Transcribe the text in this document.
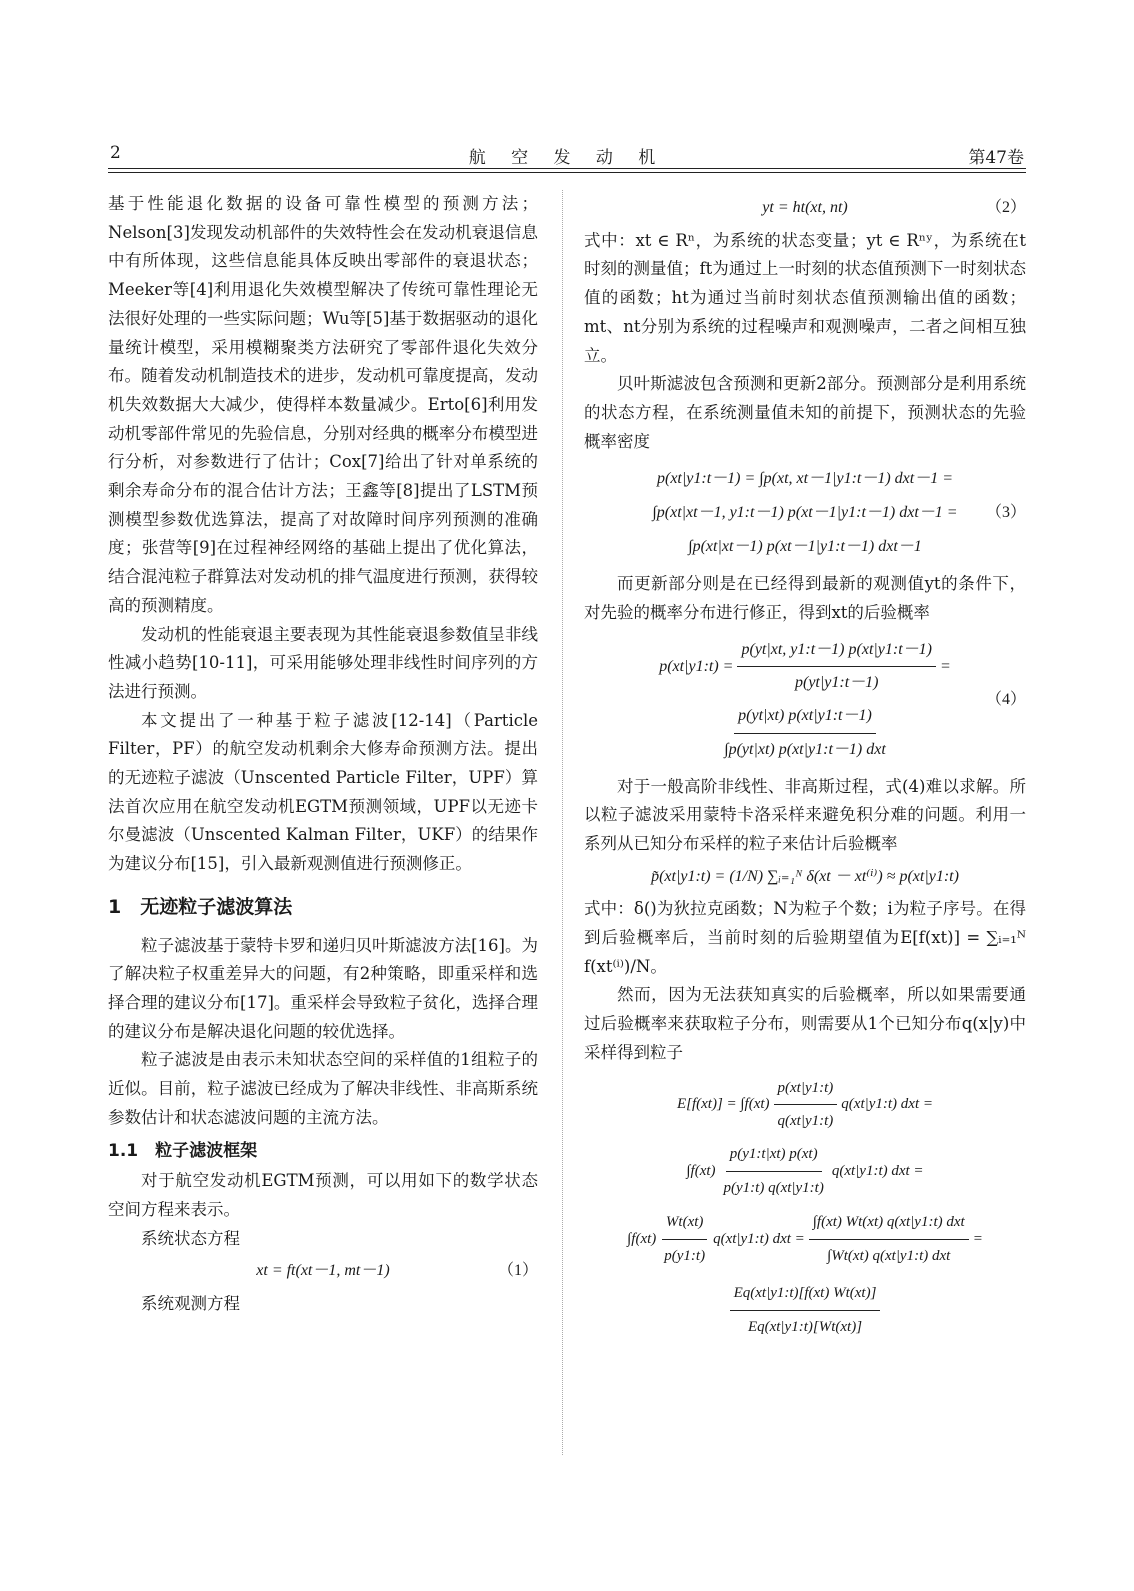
2	航 空 发 动 机	第47卷

基于性能退化数据的设备可靠性模型的预测方法；Nelson[3]发现发动机部件的失效特性会在发动机衰退信息中有所体现，这些信息能具体反映出零部件的衰退状态；Meeker等[4]利用退化失效模型解决了传统可靠性理论无法很好处理的一些实际问题；Wu等[5]基于数据驱动的退化量统计模型，采用模糊聚类方法研究了零部件退化失效分布。随着发动机制造技术的进步，发动机可靠度提高，发动机失效数据大大减少，使得样本数量减少。Erto[6]利用发动机零部件常见的先验信息，分别对经典的概率分布模型进行分析，对参数进行了估计；Cox[7]给出了针对单系统的剩余寿命分布的混合估计方法；王鑫等[8]提出了LSTM预测模型参数优选算法，提高了对故障时间序列预测的准确度；张营等[9]在过程神经网络的基础上提出了优化算法，结合混沌粒子群算法对发动机的排气温度进行预测，获得较高的预测精度。

发动机的性能衰退主要表现为其性能衰退参数值呈非线性减小趋势[10-11]，可采用能够处理非线性时间序列的方法进行预测。

本文提出了一种基于粒子滤波[12-14]（Particle Filter，PF）的航空发动机剩余大修寿命预测方法。提出的无迹粒子滤波（Unscented Particle Filter，UPF）算法首次应用在航空发动机EGTM预测领域，UPF以无迹卡尔曼滤波（Unscented Kalman Filter，UKF）的结果作为建议分布[15]，引入最新观测值进行预测修正。

1　无迹粒子滤波算法

粒子滤波基于蒙特卡罗和递归贝叶斯滤波方法[16]。为了解决粒子权重差异大的问题，有2种策略，即重采样和选择合理的建议分布[17]。重采样会导致粒子贫化，选择合理的建议分布是解决退化问题的较优选择。

粒子滤波是由表示未知状态空间的采样值的1组粒子的近似。目前，粒子滤波已经成为了解决非线性、非高斯系统参数估计和状态滤波问题的主流方法。

1.1　粒子滤波框架

对于航空发动机EGTM预测，可以用如下的数学状态空间方程来表示。

系统状态方程

xt = ft(xt－1, mt－1)	（1）

系统观测方程

yt = ht(xt, nt)	（2）

式中：xt ∈ Rⁿ，为系统的状态变量；yt ∈ Rⁿʸ，为系统在t时刻的测量值；ft为通过上一时刻的状态值预测下一时刻状态值的函数；ht为通过当前时刻状态值预测输出值的函数；mt、nt分别为系统的过程噪声和观测噪声，二者之间相互独立。

贝叶斯滤波包含预测和更新2部分。预测部分是利用系统的状态方程，在系统测量值未知的前提下，预测状态的先验概率密度

p(xt|y1:t－1) = ∫p(xt, xt－1|y1:t－1) dxt－1 =
∫p(xt|xt－1, y1:t－1) p(xt－1|y1:t－1) dxt－1 =
∫p(xt|xt－1) p(xt－1|y1:t－1) dxt－1
（3）

而更新部分则是在已经得到最新的观测值yt的条件下，对先验的概率分布进行修正，得到xt的后验概率

p(xt|y1:t) = $\frac{p(yt|xt, y1:t-1) p(xt|y1:t-1)}{p(yt|y1:t-1)}$ =
$\frac{p(yt|xt) p(xt|y1:t-1)}{\text{∫p(yt|xt) p(xt|y1:t－1) dxt}}$
（4）

对于一般高阶非线性、非高斯过程，式(4)难以求解。所以粒子滤波采用蒙特卡洛采样来避免积分难的问题。利用一系列从已知分布采样的粒子来估计后验概率

p̃(xt|y1:t) = (1/N) ∑ᵢ₌₁ᴺ δ(xt － xt⁽ⁱ⁾) ≈ p(xt|y1:t)

式中：δ()为狄拉克函数；N为粒子个数；i为粒子序号。在得到后验概率后，当前时刻的后验期望值为E[f(xt)] = ∑ᵢ₌₁ᴺ f(xt⁽ⁱ⁾)/N。

然而，因为无法获知真实的后验概率，所以如果需要通过后验概率来获取粒子分布，则需要从1个已知分布q(x|y)中采样得到粒子

$E[f(xt)] = \int f(xt) \frac{p(xt|y1:t)}{q(xt|y1:t)}$ q(xt|y1:t) dxt =
$\int f(xt) \frac{p(y1:t|xt) p(xt)}{p(y1:t) q(xt|y1:t)}$ q(xt|y1:t) dxt =
$\int f(xt) \frac{Wt(xt)}{p(y1:t)}$ q(xt|y1:t) dxt = $\frac{\text{∫f(xt) Wt(xt) q(xt|y1:t) dxt}}{\text{∫Wt(xt) q(xt|y1:t) dxt}}$ =
$\frac{Eq(xt|y1:t)[f(xt) Wt(xt)]}{Eq(xt|y1:t)[Wt(xt)]}$
